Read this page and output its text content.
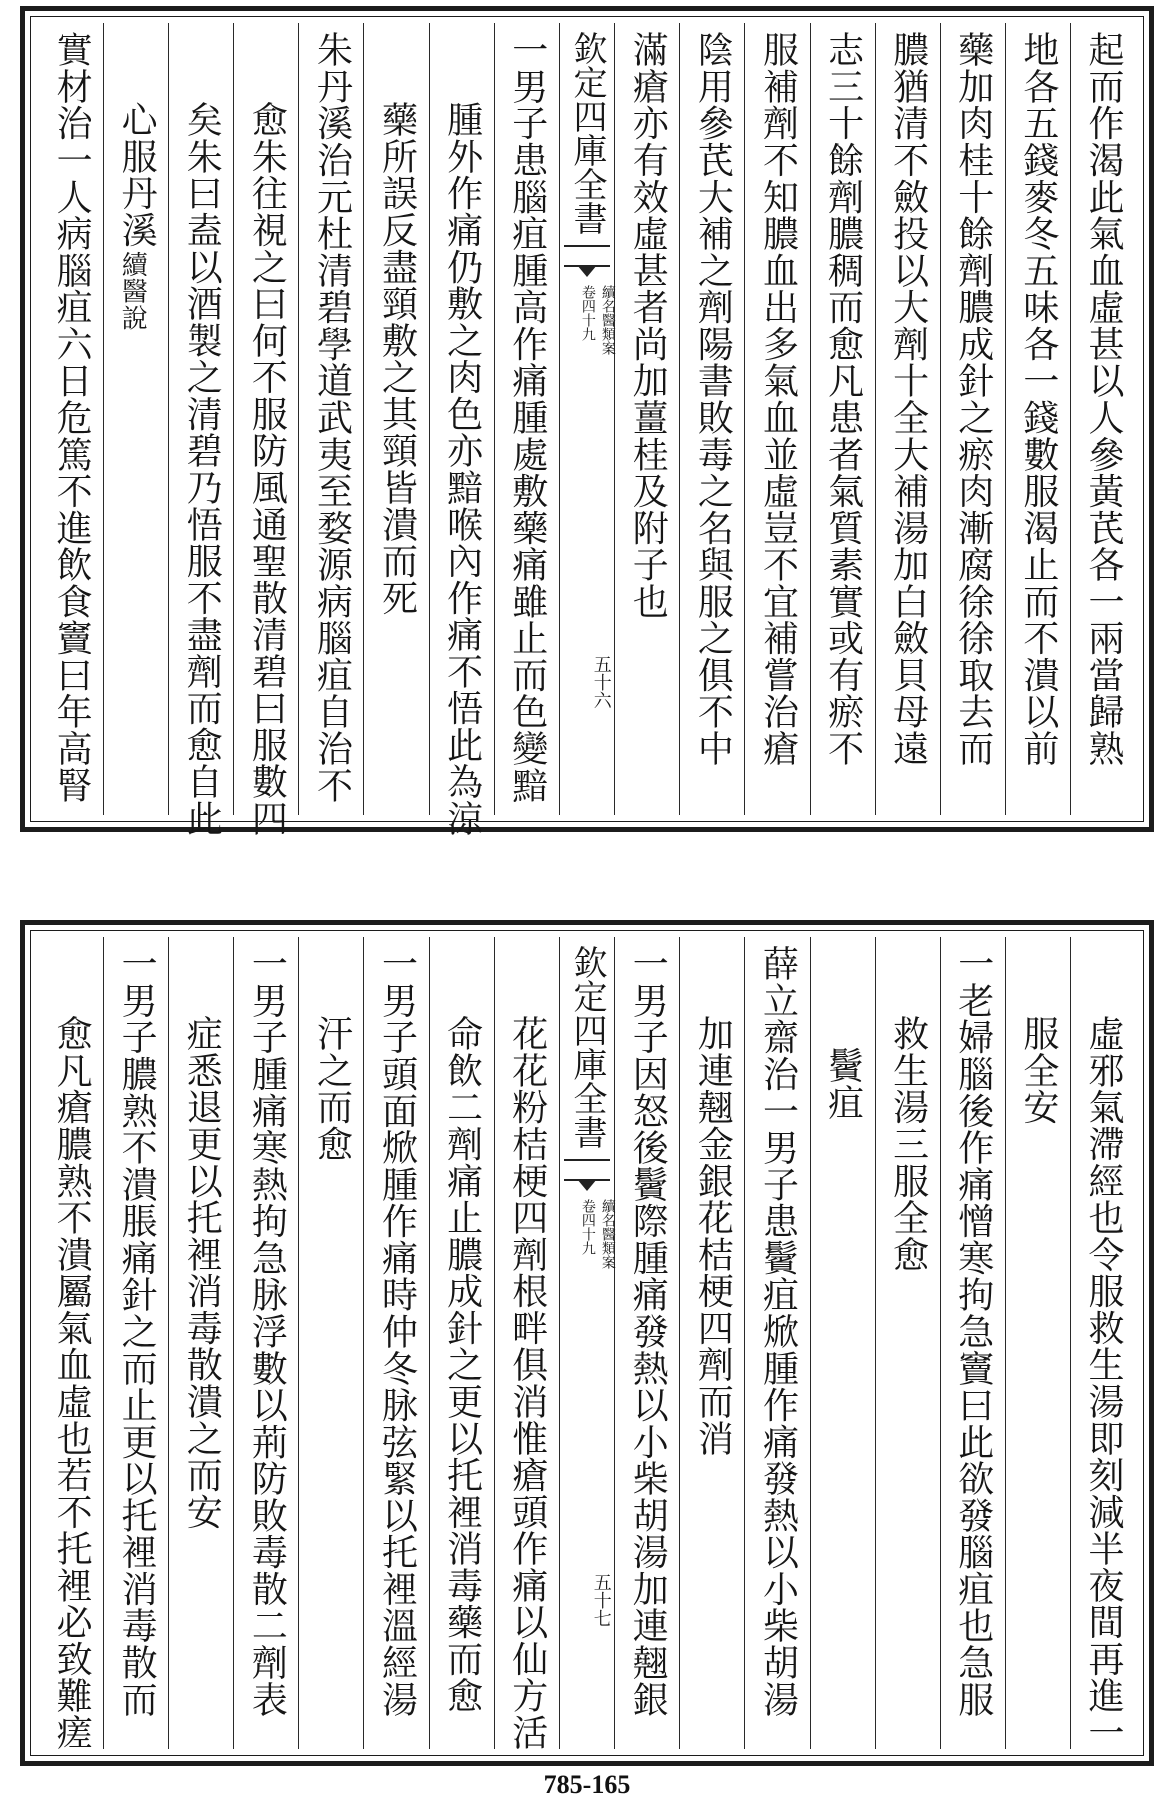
起而作渴此氣血虛甚以人參黃芪各一兩當歸熟
地各五錢麥冬五味各一錢數服渴止而不潰以前
藥加肉桂十餘劑膿成針之瘀肉漸腐徐徐取去而
膿猶清不斂投以大劑十全大補湯加白斂貝母遠
志三十餘劑膿稠而愈凡患者氣質素實或有瘀不
服補劑不知膿血出多氣血並虛豈不宜補嘗治瘡
陰用參芪大補之劑陽書敗毒之名與服之俱不中
滿瘡亦有效虛甚者尚加薑桂及附子也
欽定四庫全書
續名醫類案
卷四十九
五十六
一男子患腦疽腫高作痛腫處敷藥痛雖止而色變黯
腫外作痛仍敷之肉色亦黯喉內作痛不悟此為涼
藥所誤反盡頸敷之其頸皆潰而死
朱丹溪治元杜清碧學道武夷至婺源病腦疽自治不
愈朱往視之曰何不服防風通聖散清碧曰服數四
矣朱曰盍以酒製之清碧乃悟服不盡劑而愈自此
心服丹溪
續醫說
實材治一人病腦疽六日危篤不進飲食竇曰年高腎
虛邪氣滯經也令服救生湯即刻減半夜間再進一
服全安
一老婦腦後作痛憎寒拘急竇曰此欲發腦疽也急服
救生湯三服全愈
鬢疽
薛立齋治一男子患鬢疽焮腫作痛發熱以小柴胡湯
加連翹金銀花桔梗四劑而消
一男子因怒後鬢際腫痛發熱以小柴胡湯加連翹銀
欽定四庫全書
續名醫類案
卷四十九
五十七
花花粉桔梗四劑根畔俱消惟瘡頭作痛以仙方活
命飲二劑痛止膿成針之更以托裡消毒藥而愈
一男子頭面焮腫作痛時仲冬脉弦緊以托裡溫經湯
汗之而愈
一男子腫痛寒熱拘急脉浮數以荊防敗毒散二劑表
症悉退更以托裡消毒散潰之而安
一男子膿熟不潰脹痛針之而止更以托裡消毒散而
愈凡瘡膿熟不潰屬氣血虛也若不托裡必致難瘥
785-165
